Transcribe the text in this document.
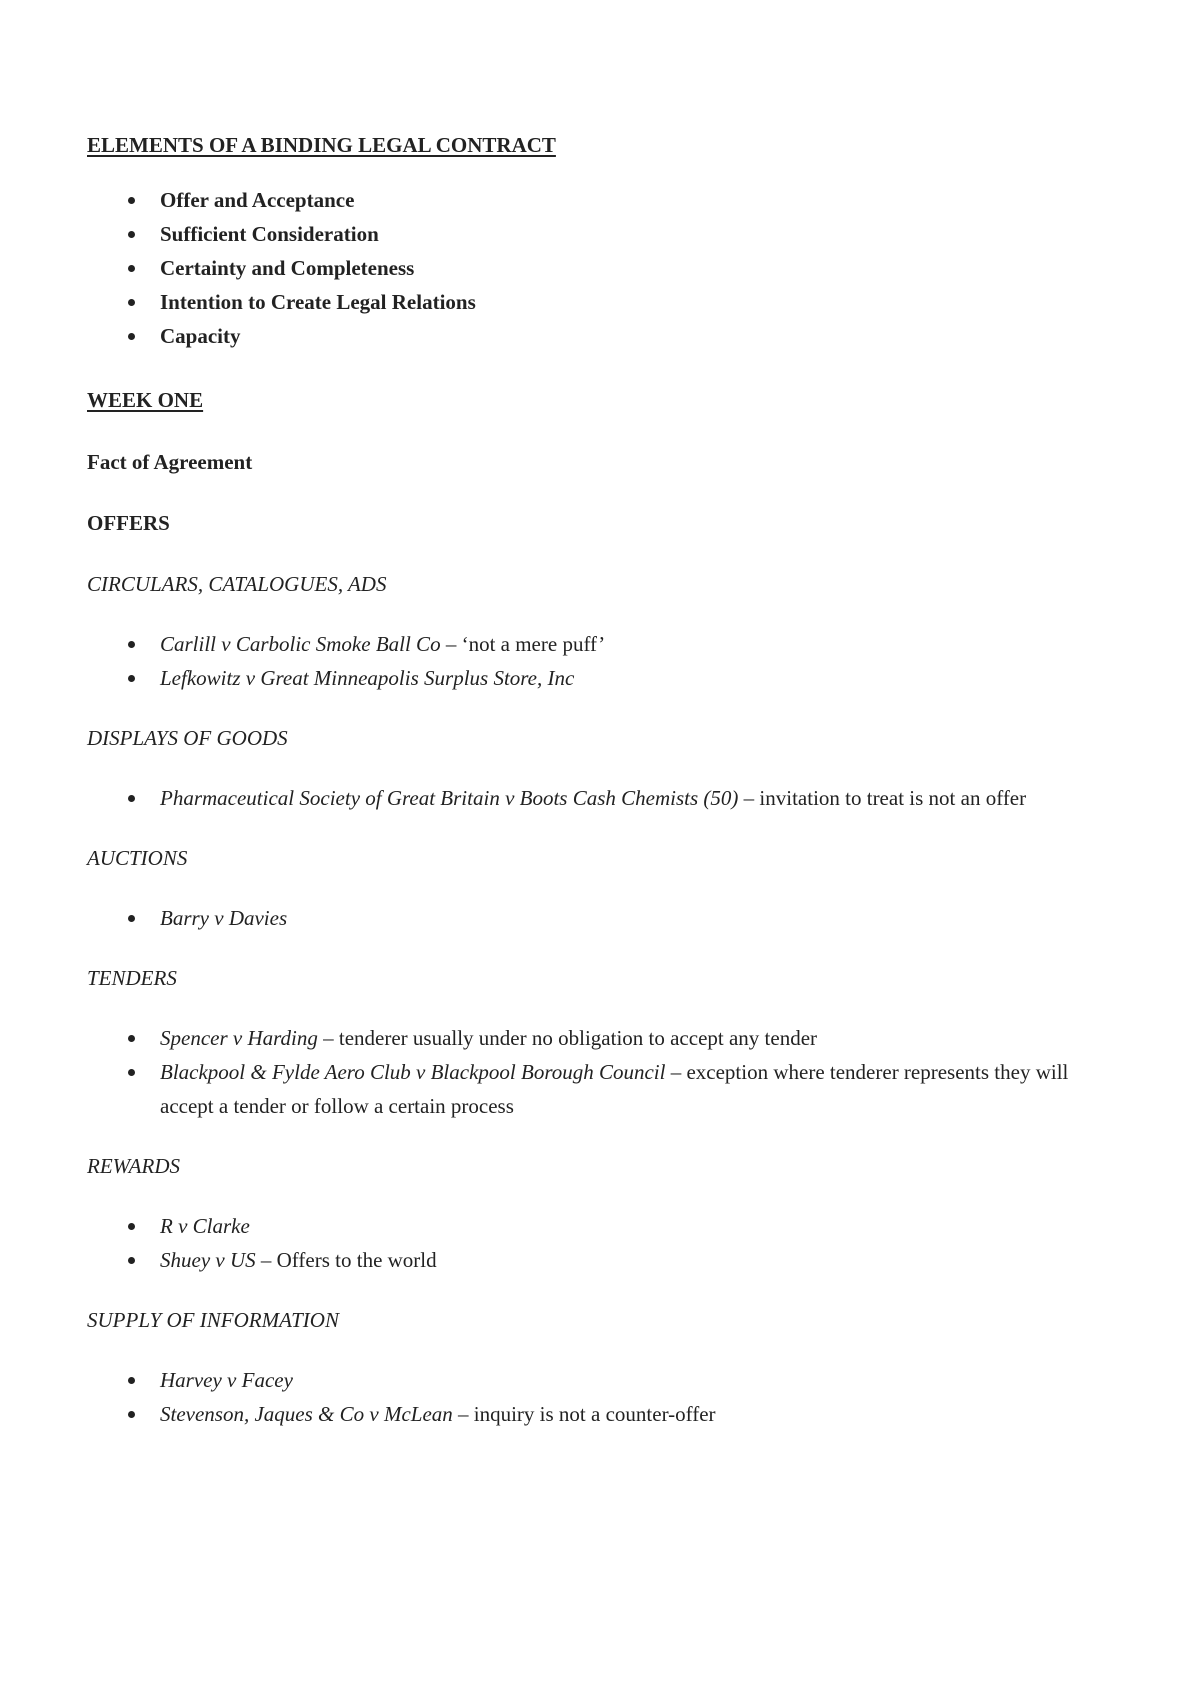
ELEMENTS OF A BINDING LEGAL CONTRACT

Offer and Acceptance
Sufficient Consideration
Certainty and Completeness
Intention to Create Legal Relations
Capacity

WEEK ONE

Fact of Agreement

OFFERS

CIRCULARS, CATALOGUES, ADS

Carlill v Carbolic Smoke Ball Co – ‘not a mere puff’
Lefkowitz v Great Minneapolis Surplus Store, Inc

DISPLAYS OF GOODS

Pharmaceutical Society of Great Britain v Boots Cash Chemists (50) – invitation to treat is not an offer

AUCTIONS

Barry v Davies

TENDERS

Spencer v Harding – tenderer usually under no obligation to accept any tender
Blackpool & Fylde Aero Club v Blackpool Borough Council – exception where tenderer represents they will accept a tender or follow a certain process

REWARDS

R v Clarke
Shuey v US – Offers to the world

SUPPLY OF INFORMATION

Harvey v Facey
Stevenson, Jaques & Co v McLean – inquiry is not a counter-offer
